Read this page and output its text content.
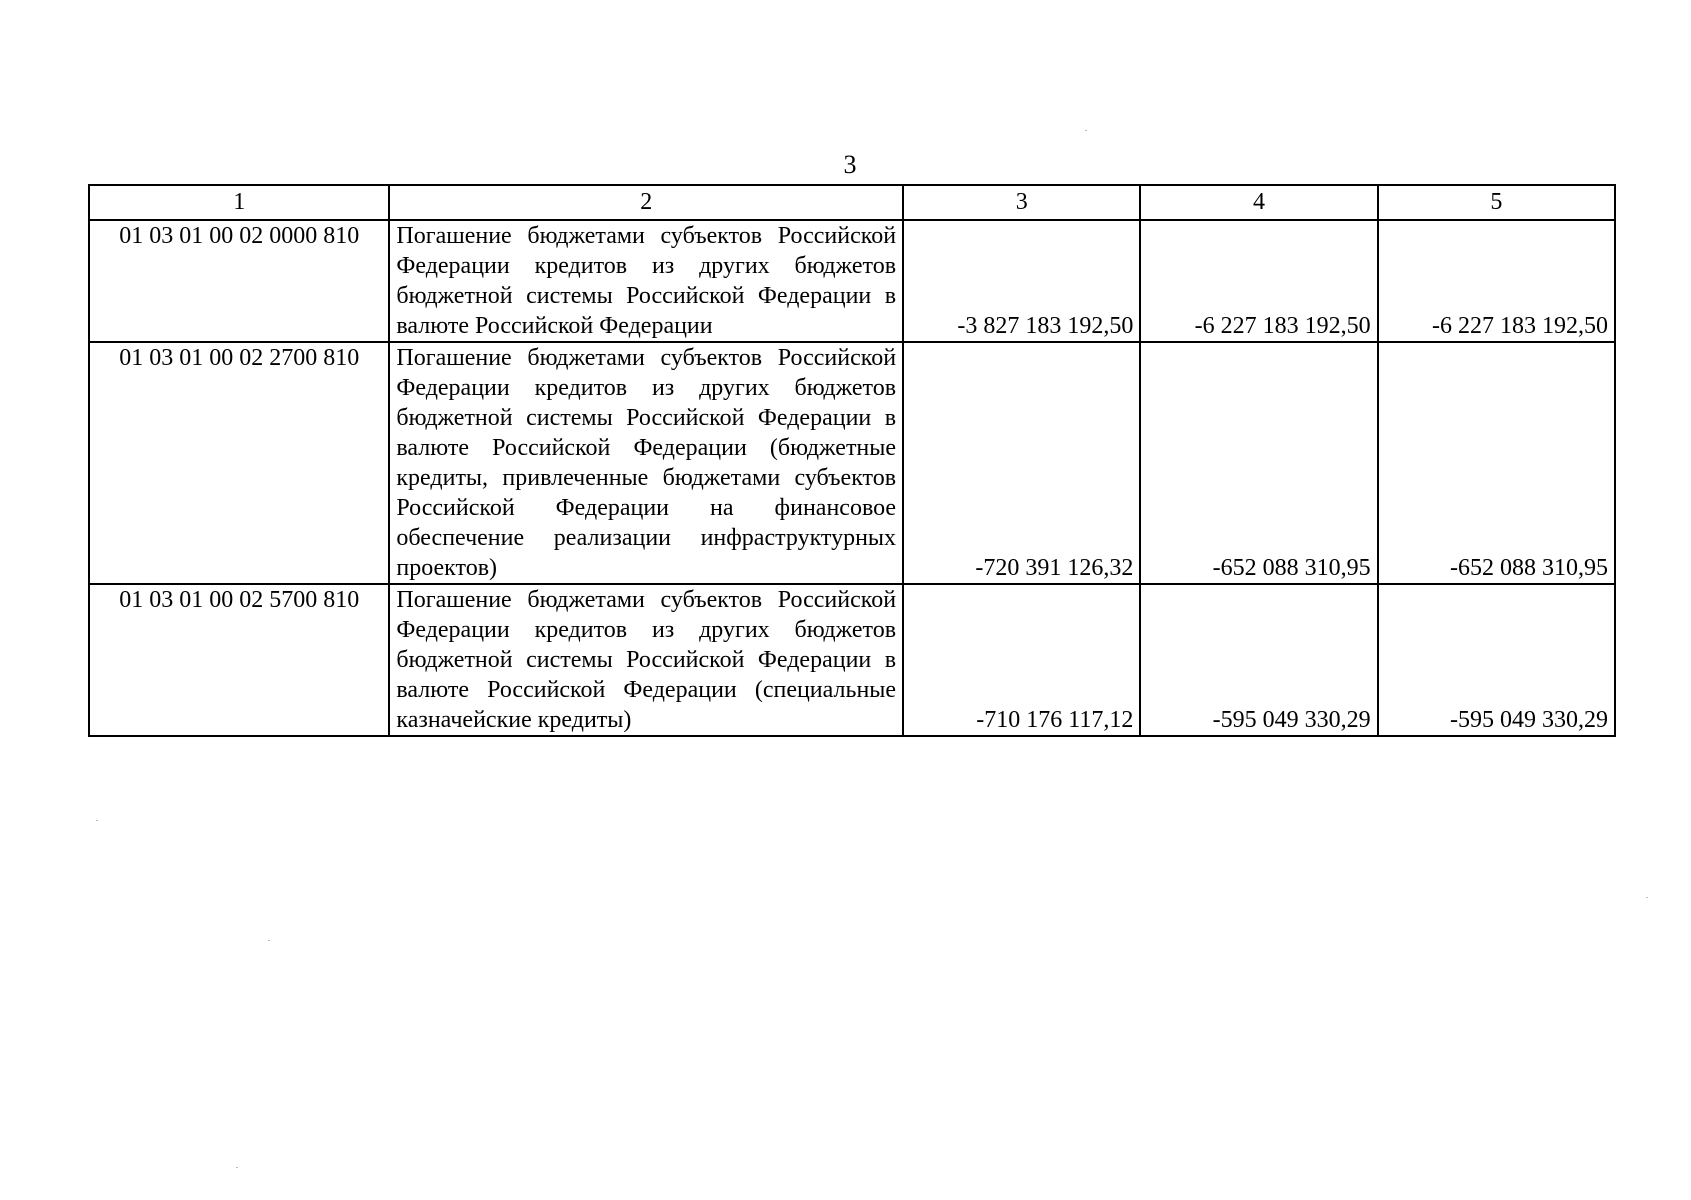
3
1	2	3	4	5
01 03 01 00 02 0000 810	Погашение бюджетами субъектов Российской Федерации кредитов из других бюджетов бюджетной системы Российской Федерации в валюте Российской Федерации	-3 827 183 192,50	-6 227 183 192,50	-6 227 183 192,50
01 03 01 00 02 2700 810	Погашение бюджетами субъектов Российской Федерации кредитов из других бюджетов бюджетной системы Российской Федерации в валюте Российской Федерации (бюджетные кредиты, привлеченные бюджетами субъектов Российской Федерации на финансовое обеспечение реализации инфраструктурных проектов)	-720 391 126,32	-652 088 310,95	-652 088 310,95
01 03 01 00 02 5700 810	Погашение бюджетами субъектов Российской Федерации кредитов из других бюджетов бюджетной системы Российской Федерации в валюте Российской Федерации (специальные казначейские кредиты)	-710 176 117,12	-595 049 330,29	-595 049 330,29
